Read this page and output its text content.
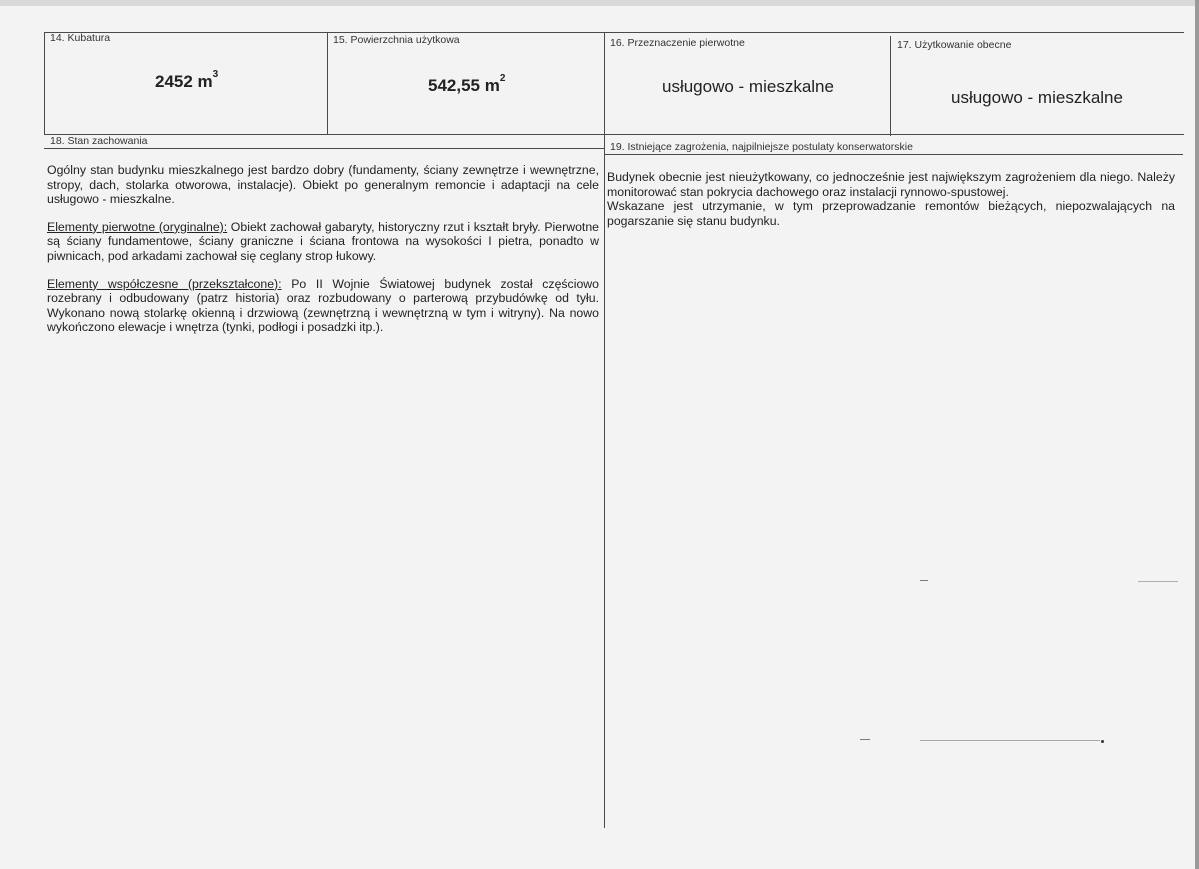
14. Kubatura
2452 $m^3$
15. Powierzchnia użytkowa
542,55 $m^2$
16. Przeznaczenie pierwotne
usługowo - mieszkalne
17. Użytkowanie obecne
usługowo - mieszkalne
18. Stan zachowania

Ogólny stan budynku mieszkalnego jest bardzo dobry (fundamenty, ściany zewnętrze i wewnętrzne, stropy, dach, stolarka otworowa, instalacje). Obiekt po generalnym remoncie i adaptacji na cele usługowo - mieszkalne.

Elementy pierwotne (oryginalne): Obiekt zachował gabaryty, historyczny rzut i kształt bryły. Pierwotne są ściany fundamentowe, ściany graniczne i ściana frontowa na wysokości I pietra, ponadto w piwnicach, pod arkadami zachował się ceglany strop łukowy.

Elementy współczesne (przekształcone): Po II Wojnie Światowej budynek został częściowo rozebrany i odbudowany (patrz historia) oraz rozbudowany o parterową przybudówkę od tyłu. Wykonano nową stolarkę okienną i drzwiową (zewnętrzną i wewnętrzną w tym i witryny). Na nowo wykończono elewacje i wnętrza (tynki, podłogi i posadzki itp.).

19. Istniejące zagrożenia, najpilniejsze postulaty konserwatorskie
Budynek obecnie jest nieużytkowany, co jednocześnie jest największym zagrożeniem dla niego. Należy monitorować stan pokrycia dachowego oraz instalacji rynnowo-spustowej.
Wskazane jest utrzymanie, w tym przeprowadzanie remontów bieżących, niepozwalających na pogarszanie się stanu budynku.
